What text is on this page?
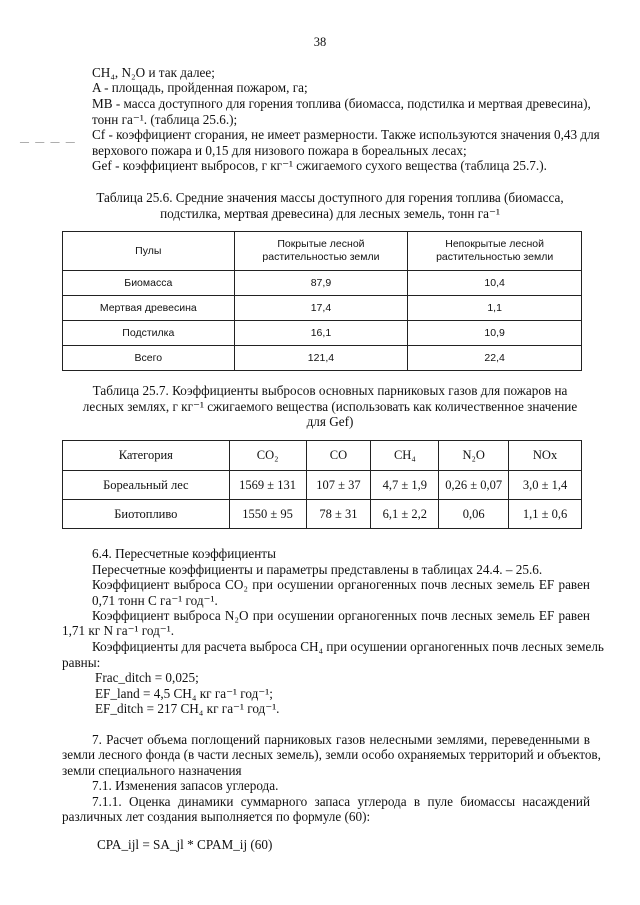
38
CH₄, N₂O и так далее;
A - площадь, пройденная пожаром, га;
MB - масса доступного для горения топлива (биомасса, подстилка и мертвая древесина),
тонн га⁻¹. (таблица 25.6.);
— — — — Cf - коэффициент сгорания, не имеет размерности. Также используются значения 0,43 для
верхового пожара и 0,15 для низового пожара в бореальных лесах;
Gef - коэффициент выбросов, г кг⁻¹ сжигаемого сухого вещества (таблица 25.7.).
Таблица 25.6. Средние значения массы доступного для горения топлива (биомасса,
подстилка, мертвая древесина) для лесных земель, тонн га⁻¹
Пулы	Покрытые лесной растительностью земли	Непокрытые лесной растительностью земли
Биомасса	87,9	10,4
Мертвая древесина	17,4	1,1
Подстилка	16,1	10,9
Всего	121,4	22,4
Таблица 25.7. Коэффициенты выбросов основных парниковых газов для пожаров на
лесных землях, г кг⁻¹ сжигаемого вещества (использовать как количественное значение
для Gef)
Категория	CO₂	CO	CH₄	N₂O	NOx
Бореальный лес	1569 ± 131	107 ± 37	4,7 ± 1,9	0,26 ± 0,07	3,0 ± 1,4
Биотопливо	1550 ± 95	78 ± 31	6,1 ± 2,2	0,06	1,1 ± 0,6
6.4. Пересчетные коэффициенты
Пересчетные коэффициенты и параметры представлены в таблицах 24.4. – 25.6.
Коэффициент выброса CO₂ при осушении органогенных почв лесных земель EF равен
0,71 тонн C га⁻¹ год⁻¹.
Коэффициент выброса N₂O при осушении органогенных почв лесных земель EF равен
1,71 кг N га⁻¹ год⁻¹.
Коэффициенты для расчета выброса CH₄ при осушении органогенных почв лесных земель
равны:
Frac_ditch = 0,025;
EF_land = 4,5 CH₄ кг га⁻¹ год⁻¹;
EF_ditch = 217 CH₄ кг га⁻¹ год⁻¹.
7. Расчет объема поглощений парниковых газов нелесными землями, переведенными в
земли лесного фонда (в части лесных земель), земли особо охраняемых территорий и объектов,
земли специального назначения
7.1. Изменения запасов углерода.
7.1.1. Оценка динамики суммарного запаса углерода в пуле биомассы насаждений
различных лет создания выполняется по формуле (60):
CPA_ijl = SA_jl * CPAM_ij (60)
